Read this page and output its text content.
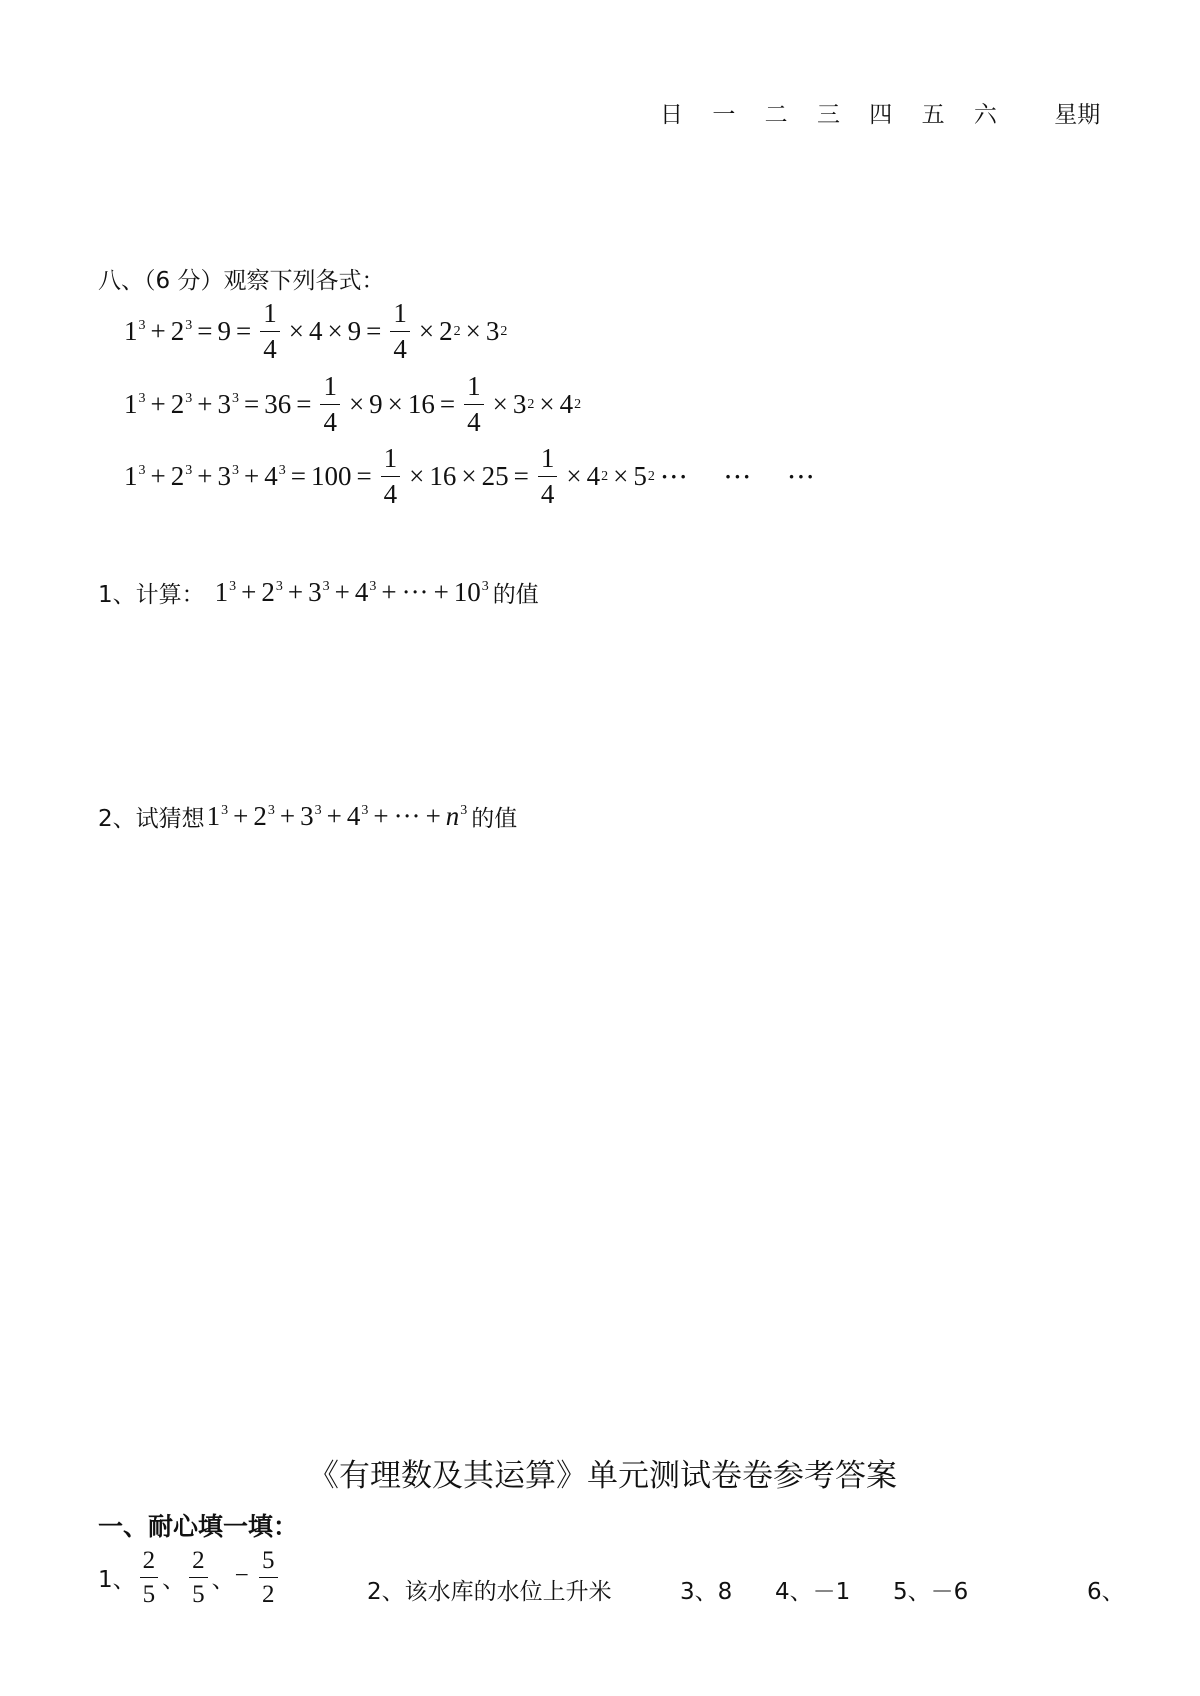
日 一 二 三 四 五 六 星期
八、（6 分）观察下列各式：
$1^3 + 2^3 = 9 = \frac{1}{4} \times 4 \times 9 = \frac{1}{4} \times 2$ 2 × 3 2
$1^3 + 2^3 + 3^3 = 36 = \frac{1}{4} \times 9 \times 16 = \frac{1}{4} \times 3$ 2 × 4 2
$1^3 + 2^3 + 3^3 + 4^3 = 100 = \frac{1}{4} \times 16 \times 25 = \frac{1}{4} \times 4$ 2 × 5 2 ··· ··· ···
1、计算： $1^3 + 2^3 + 3^3 + 4^3$ + ··· + $10^3$ 的值
2、试猜想 $1^3 + 2^3 + 3^3 + 4^3$ + ··· + $n^3$ 的值
《有理数及其运算》单元测试卷卷参考答案
一、耐心填一填：
1、 $\frac{2}{5}$ 、 $\frac{2}{5}$ 、 − $\frac{5}{2}$	2、该水库的水位上升米	3、8 4、－1 5、－6	6、
